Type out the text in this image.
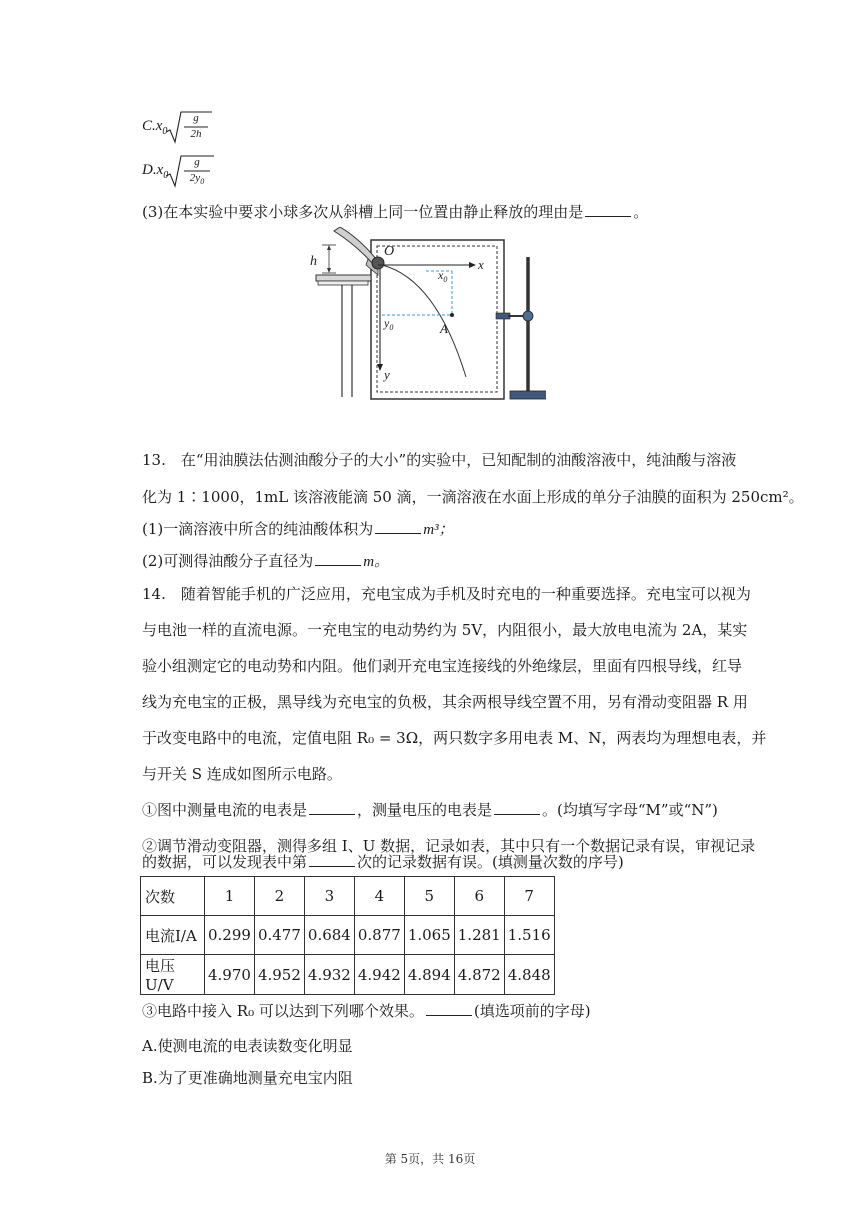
$C.x_0$
g
2h
$D.x_0$
g
$2y_0$
(3)在本实验中要求小球多次从斜槽上同一位置由静止释放的理由是	。
h
O
x
y
A
$x_0$
$y_0$
13.　在“用油膜法估测油酸分子的大小”的实验中，已知配制的油酸溶液中，纯油酸与溶液
化为 1∶1000，1mL 该溶液能滴 50 滴，一滴溶液在水面上形成的单分子油膜的面积为 250cm²。
(1)一滴溶液中所含的纯油酸体积为	m³；
(2)可测得油酸分子直径为	m。
14.　随着智能手机的广泛应用，充电宝成为手机及时充电的一种重要选择。充电宝可以视为
与电池一样的直流电源。一充电宝的电动势约为 5V，内阻很小，最大放电电流为 2A，某实
验小组测定它的电动势和内阻。他们剥开充电宝连接线的外绝缘层，里面有四根导线，红导
线为充电宝的正极，黑导线为充电宝的负极，其余两根导线空置不用，另有滑动变阻器 R 用
于改变电路中的电流，定值电阻 R₀ = 3Ω，两只数字多用电表 M、N，两表均为理想电表，并
与开关 S 连成如图所示电路。
①图中测量电流的电表是	，测量电压的电表是	。(均填写字母“M”或“N”)
②调节滑动变阻器，测得多组 I、U 数据，记录如表，其中只有一个数据记录有误，审视记录
的数据，可以发现表中第	次的记录数据有误。(填测量次数的序号)
次数	1	2	3	4	5	6	7
电流I/A	0.299	0.477	0.684	0.877	1.065	1.281	1.516
电压U/V	4.970	4.952	4.932	4.942	4.894	4.872	4.848
③电路中接入 R₀ 可以达到下列哪个效果。	(填选项前的字母)
A.使测电流的电表读数变化明显
B.为了更准确地测量充电宝内阻
第 5页，共 16页
